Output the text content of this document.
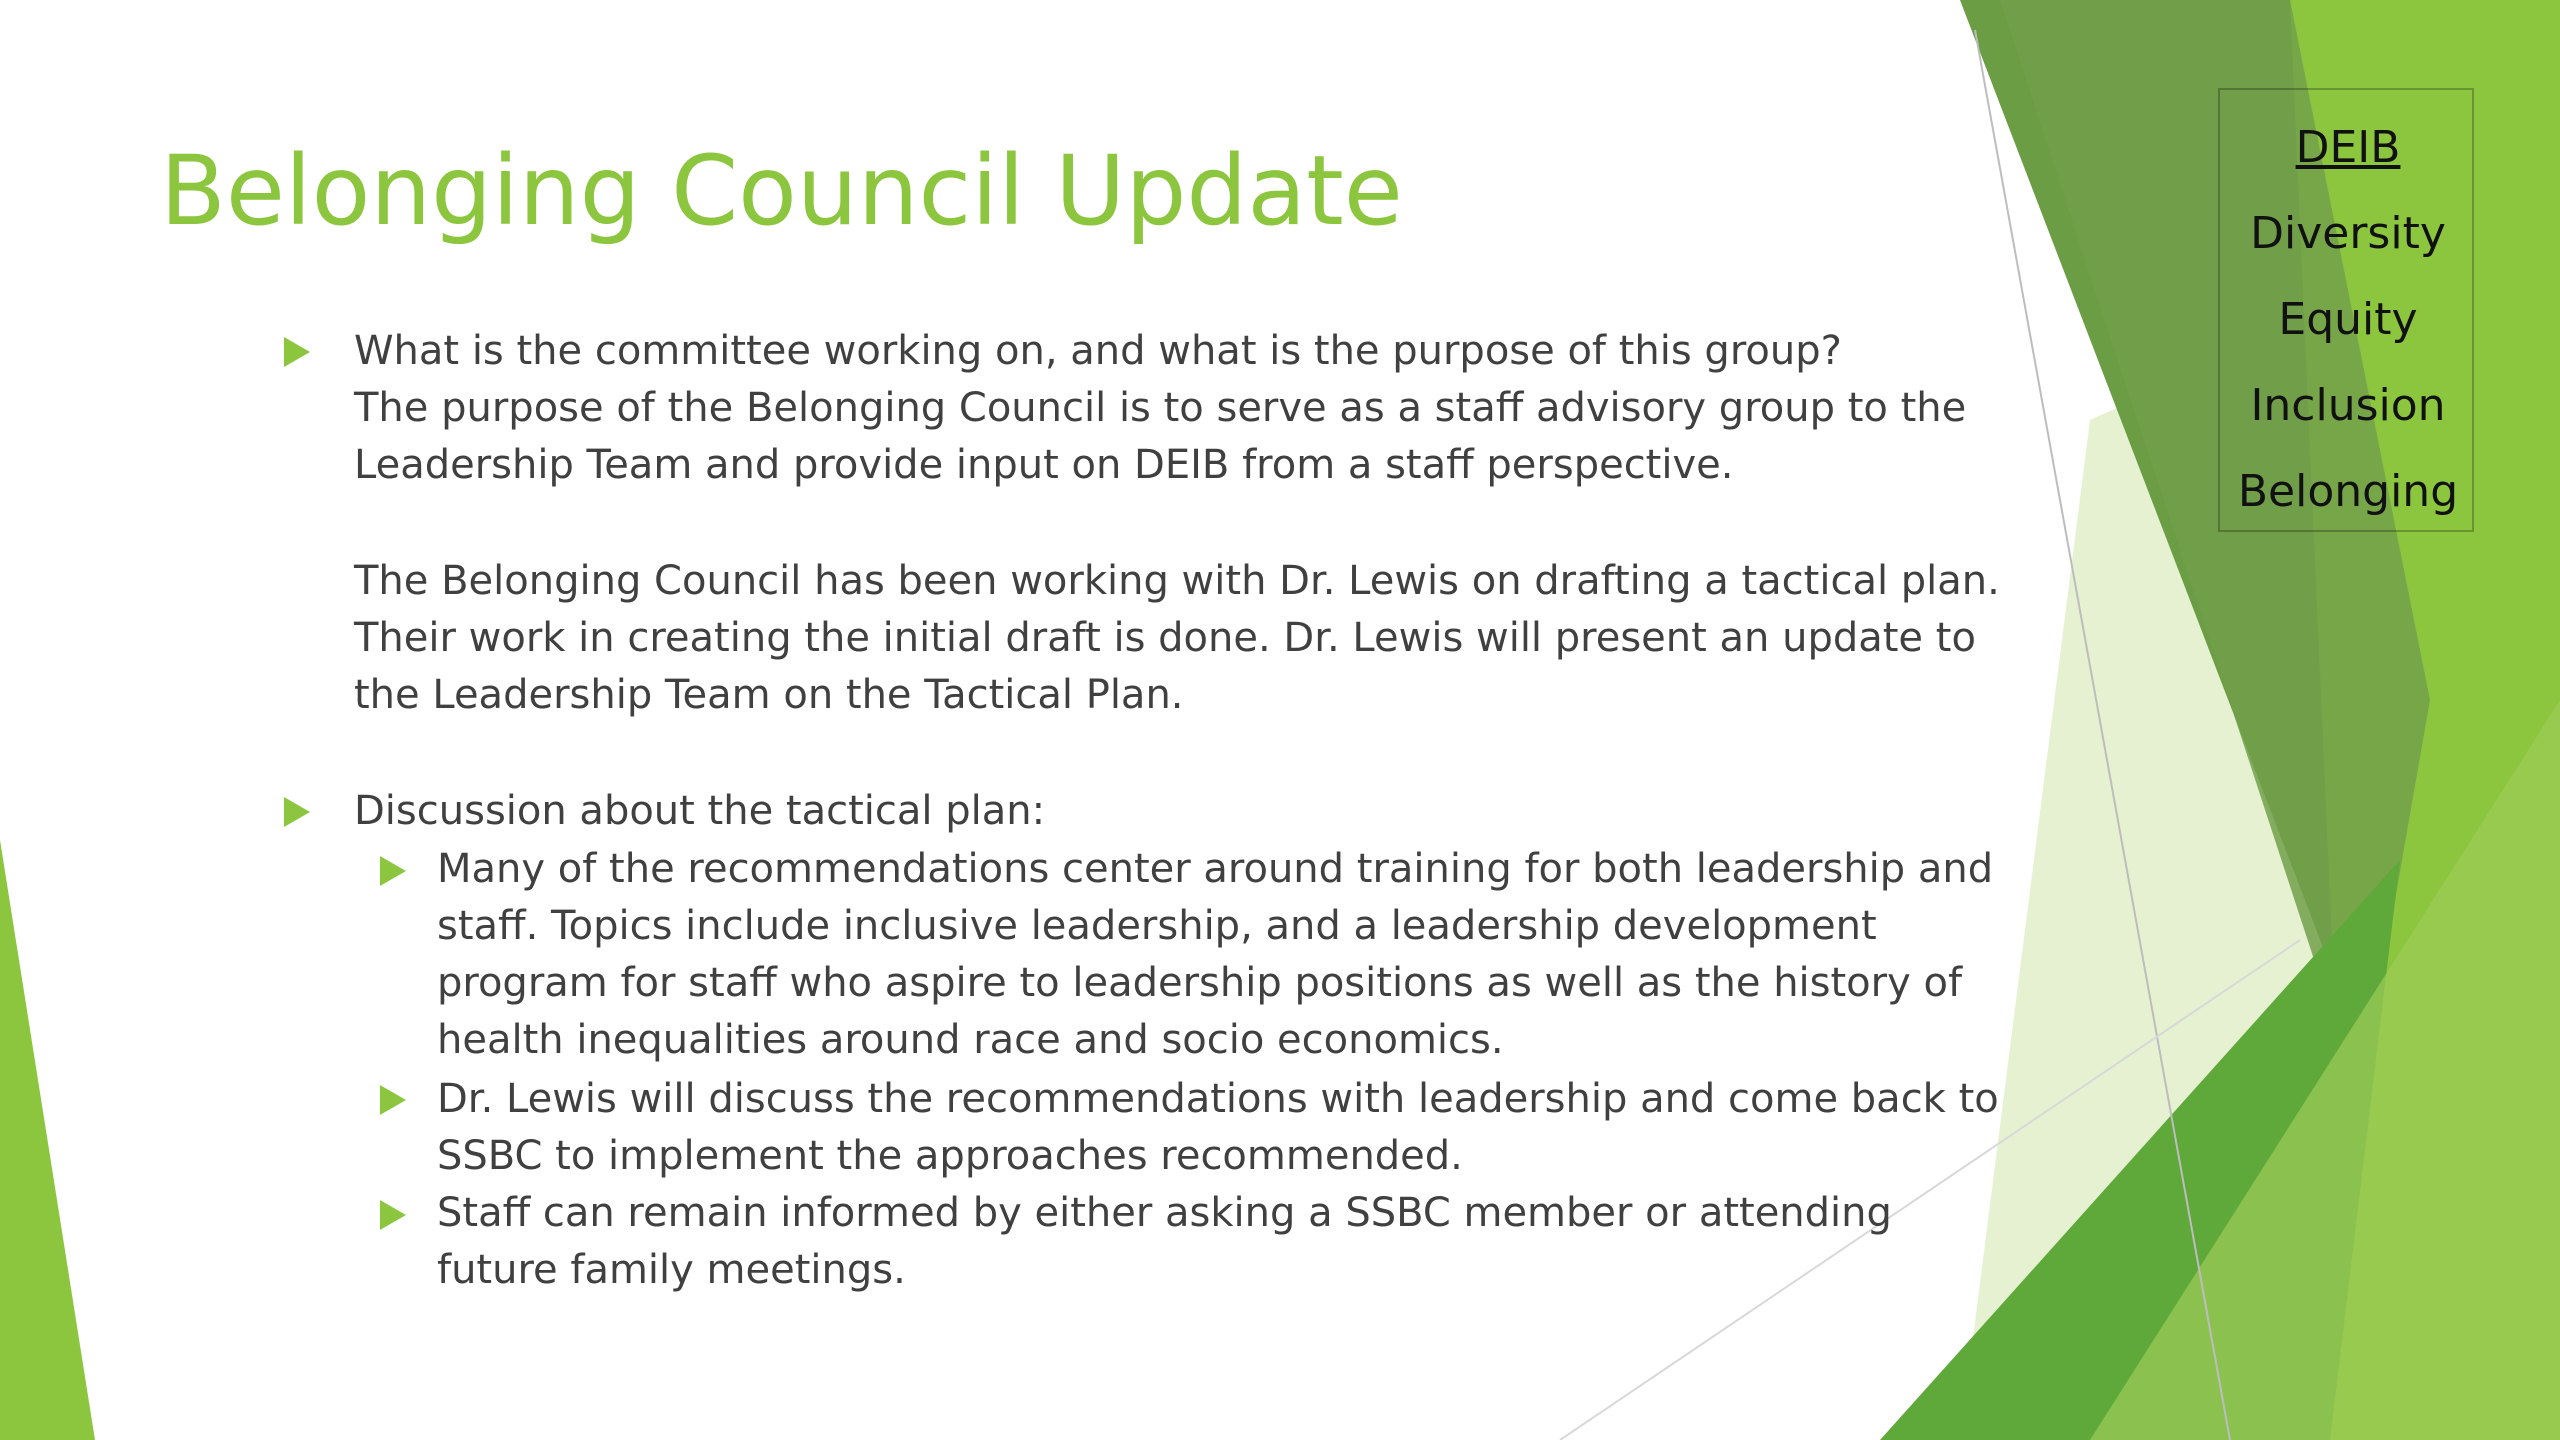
Belonging Council Update

What is the committee working on, and what is the purpose of this group?

The purpose of the Belonging Council is to serve as a staff advisory group to the

Leadership Team and provide input on DEIB from a staff perspective.

The Belonging Council has been working with Dr. Lewis on drafting a tactical plan.

Their work in creating the initial draft is done. Dr. Lewis will present an update to

the Leadership Team on the Tactical Plan.

Discussion about the tactical plan:

Many of the recommendations center around training for both leadership and

staff. Topics include inclusive leadership, and a leadership development

program for staff who aspire to leadership positions as well as the history of

health inequalities around race and socio economics.

Dr. Lewis will discuss the recommendations with leadership and come back to

SSBC to implement the approaches recommended.

Staff can remain informed by either asking a SSBC member or attending

future family meetings.

DEIB
Diversity
Equity
Inclusion
Belonging
